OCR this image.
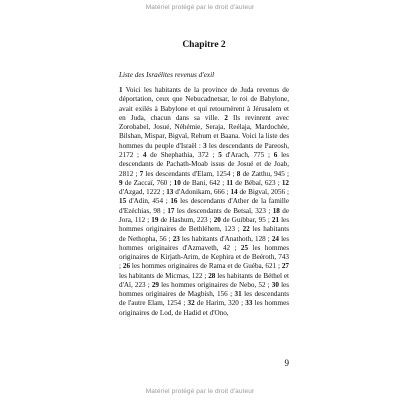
Matériel protégé par le droit d'auteur
Chapitre 2
Liste des Israélites revenus d'exil
1 Voici les habitants de la province de Juda revenus de déportation, ceux que Nebucadnetsar, le roi de Babylone, avait exilés à Babylone et qui retournèrent à Jérusalem et en Juda, chacun dans sa ville. 2 Ils revinrent avec Zorobabel, Josué, Néhémie, Seraja, Reélaja, Mardochée, Bilshan, Mispar, Bigvaï, Rehum et Baana. Voici la liste des hommes du peuple d'Israël : 3 les descendants de Pareosh, 2172 ; 4 de Shephathia, 372 ; 5 d'Arach, 775 ; 6 les descendants de Pachath-Moab issus de Josué et de Joab, 2812 ; 7 les descendants d'Elam, 1254 ; 8 de Zatthu, 945 ; 9 de Zaccaï, 760 ; 10 de Bani, 642 ; 11 de Bébaï, 623 ; 12 d'Azgad, 1222 ; 13 d'Adonikam, 666 ; 14 de Bigvaï, 2056 ; 15 d'Adin, 454 ; 16 les descendants d'Ather de la famille d'Ezéchias, 98 ; 17 les descendants de Betsaï, 323 ; 18 de Jora, 112 ; 19 de Hashum, 223 ; 20 de Guibbar, 95 ; 21 les hommes originaires de Bethléhem, 123 ; 22 les habitants de Nethopha, 56 ; 23 les habitants d'Anathoth, 128 ; 24 les hommes originaires d'Azmaveth, 42 ; 25 les hommes originaires de Kirjath-Arim, de Kephira et de Beéroth, 743 ; 26 les hommes originaires de Rama et de Guéba, 621 ; 27 les habitants de Micmas, 122 ; 28 les habitants de Béthel et d'Aï, 223 ; 29 les hommes originaires de Nebo, 52 ; 30 les hommes originaires de Magbish, 156 ; 31 les descendants de l'autre Elam, 1254 ; 32 de Harim, 320 ; 33 les hommes originaires de Lod, de Hadid et d'Ono,
9
Matériel protégé par le droit d'auteur
